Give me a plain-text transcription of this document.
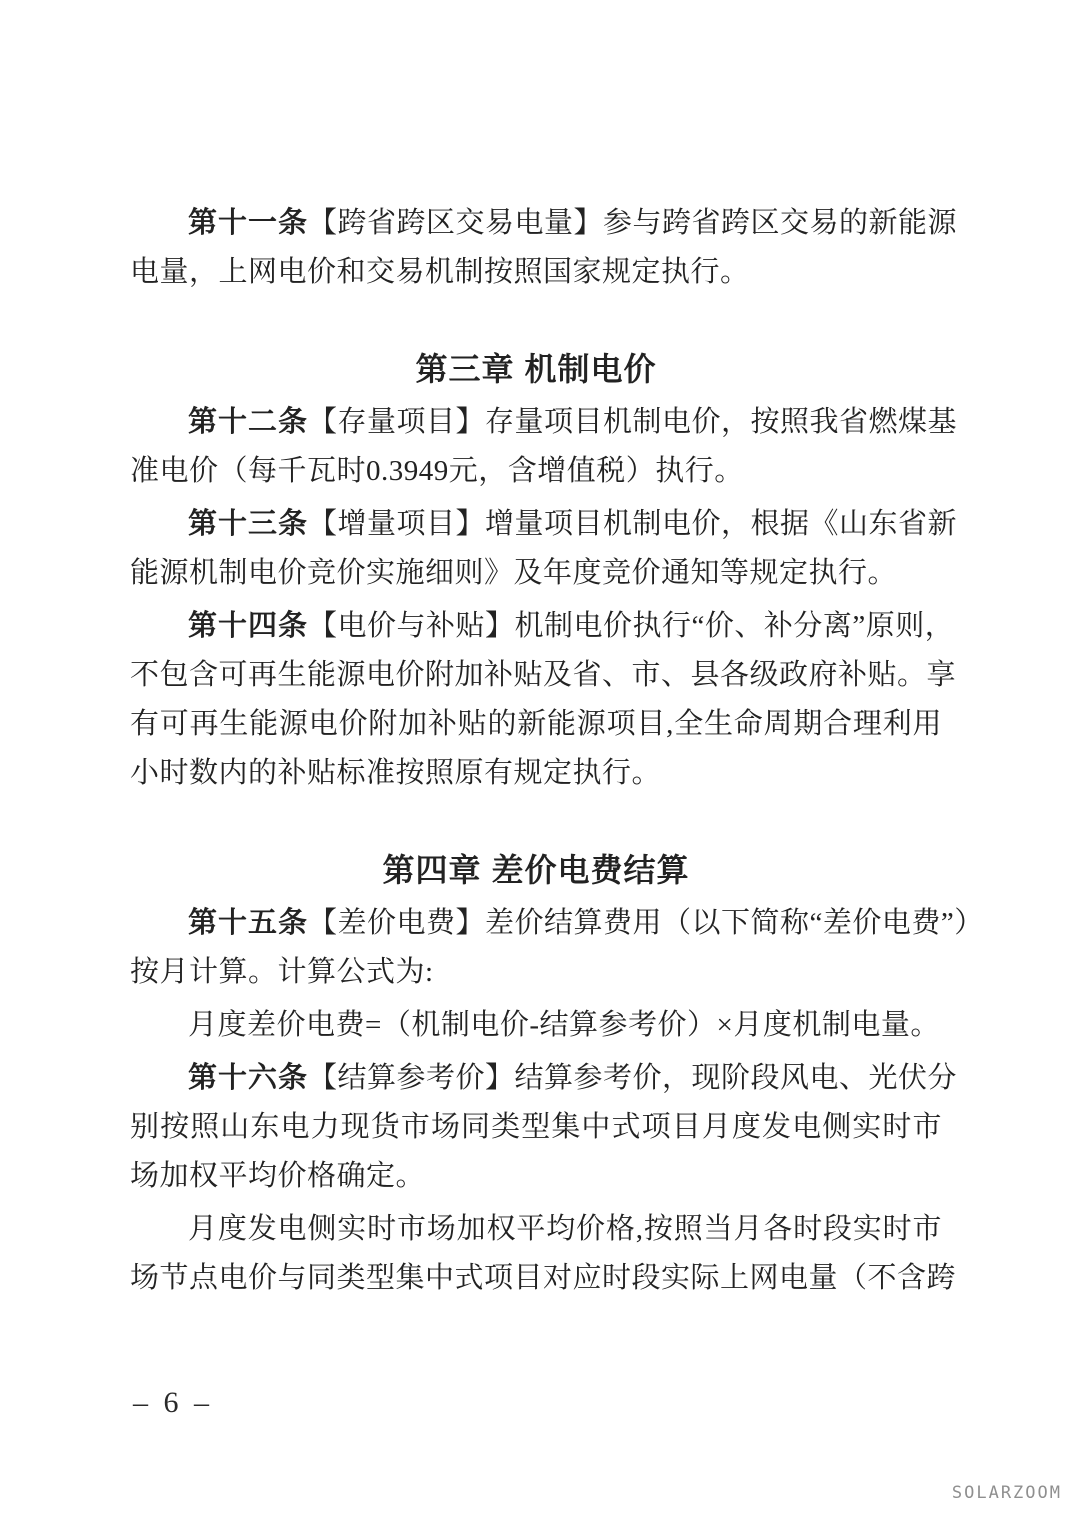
第十一条【跨省跨区交易电量】参与跨省跨区交易的新能源
电量，上网电价和交易机制按照国家规定执行。
第三章 机制电价
第十二条【存量项目】存量项目机制电价，按照我省燃煤基
准电价（每千瓦时0.3949元，含增值税）执行。
第十三条【增量项目】增量项目机制电价，根据《山东省新
能源机制电价竞价实施细则》及年度竞价通知等规定执行。
第十四条【电价与补贴】机制电价执行“价、补分离”原则，
不包含可再生能源电价附加补贴及省、市、县各级政府补贴。享
有可再生能源电价附加补贴的新能源项目,全生命周期合理利用
小时数内的补贴标准按照原有规定执行。
第四章 差价电费结算
第十五条【差价电费】差价结算费用（以下简称“差价电费”）
按月计算。计算公式为:
月度差价电费=（机制电价-结算参考价）×月度机制电量。
第十六条【结算参考价】结算参考价，现阶段风电、光伏分
别按照山东电力现货市场同类型集中式项目月度发电侧实时市
场加权平均价格确定。
月度发电侧实时市场加权平均价格,按照当月各时段实时市
场节点电价与同类型集中式项目对应时段实际上网电量（不含跨
– 6 –
SOLARZOOM
